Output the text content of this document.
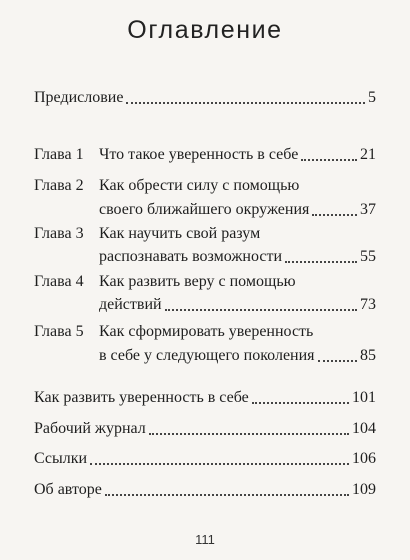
Оглавление
Предисловие	5
Глава 1 Что такое уверенность в себе	21
Глава 2 Как обрести силу с помощью
своего ближайшего окружения	37
Глава 3 Как научить свой разум
распознавать возможности	55
Глава 4 Как развить веру с помощью
действий	73
Глава 5 Как сформировать уверенность
в себе у следующего поколения	85
Как развить уверенность в себе	101
Рабочий журнал	104
Ссылки	106
Об авторе	109
111
